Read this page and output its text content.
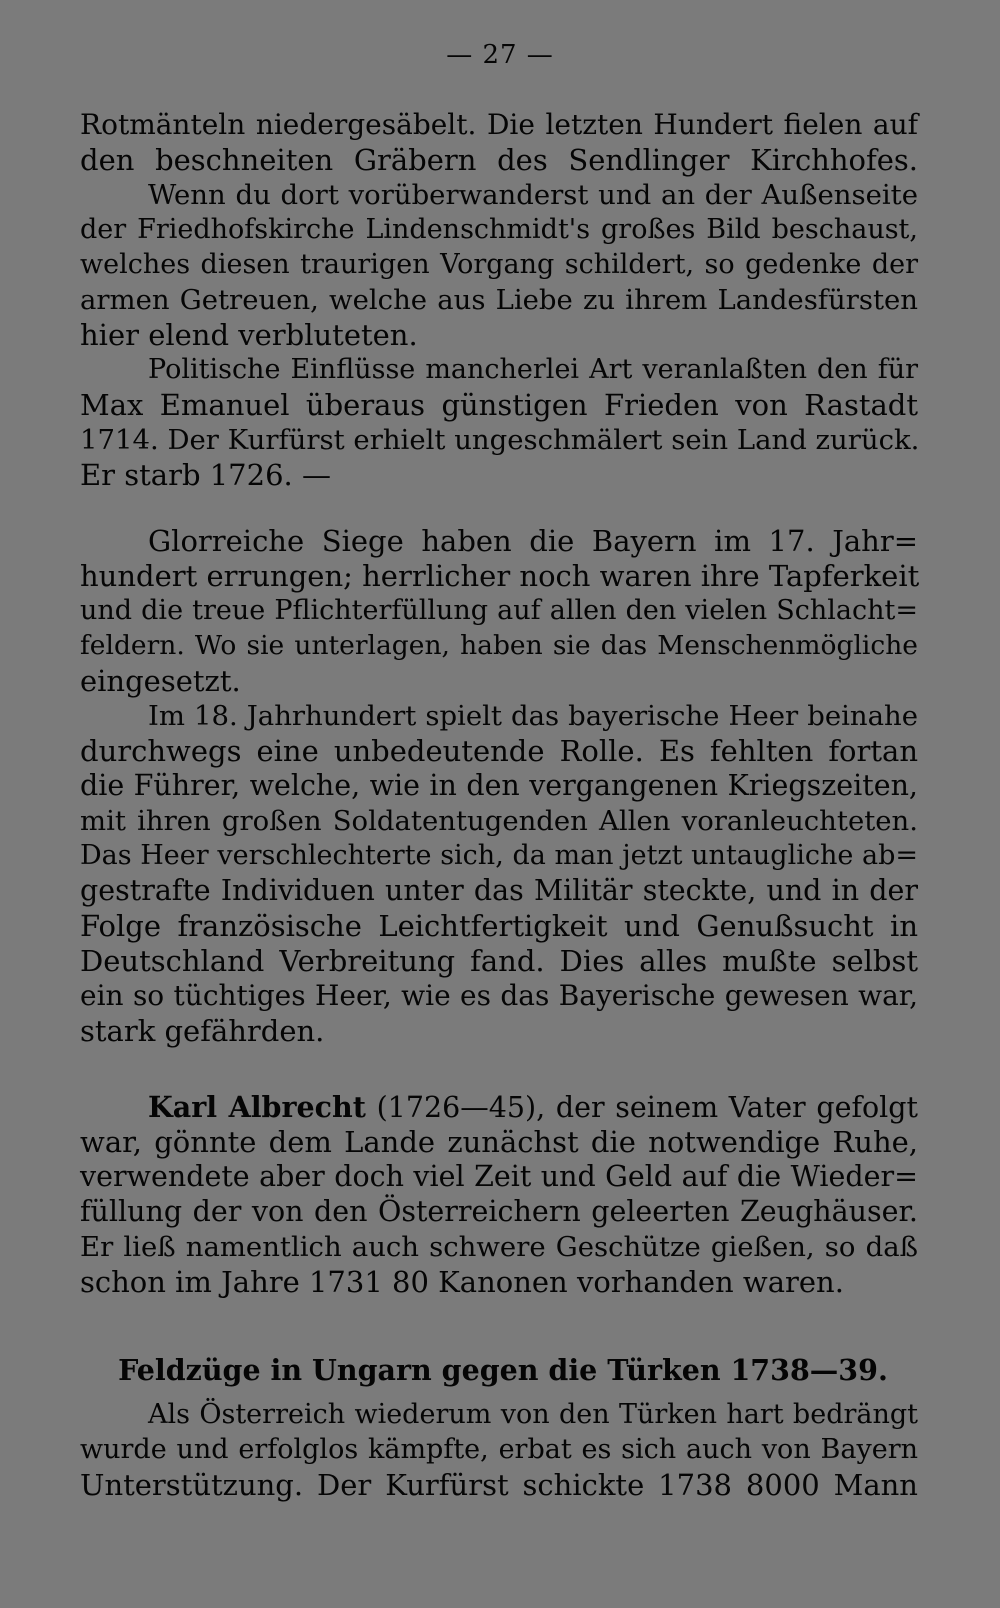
— 27 —
Rotmänteln niedergesäbelt. Die letzten Hundert fielen auf
den beschneiten Gräbern des Sendlinger Kirchhofes.
Wenn du dort vorüberwanderst und an der Außenseite
der Friedhofskirche Lindenschmidt's großes Bild beschaust,
welches diesen traurigen Vorgang schildert, so gedenke der
armen Getreuen, welche aus Liebe zu ihrem Landesfürsten
hier elend verbluteten.
Politische Einflüsse mancherlei Art veranlaßten den für
Max Emanuel überaus günstigen Frieden von Rastadt
1714. Der Kurfürst erhielt ungeschmälert sein Land zurück.
Er starb 1726. —
Glorreiche Siege haben die Bayern im 17. Jahr=
hundert errungen; herrlicher noch waren ihre Tapferkeit
und die treue Pflichterfüllung auf allen den vielen Schlacht=
feldern. Wo sie unterlagen, haben sie das Menschenmögliche
eingesetzt.
Im 18. Jahrhundert spielt das bayerische Heer beinahe
durchwegs eine unbedeutende Rolle. Es fehlten fortan
die Führer, welche, wie in den vergangenen Kriegszeiten,
mit ihren großen Soldatentugenden Allen voranleuchteten.
Das Heer verschlechterte sich, da man jetzt untaugliche ab=
gestrafte Individuen unter das Militär steckte, und in der
Folge französische Leichtfertigkeit und Genußsucht in
Deutschland Verbreitung fand. Dies alles mußte selbst
ein so tüchtiges Heer, wie es das Bayerische gewesen war,
stark gefährden.
Karl Albrecht (1726—45), der seinem Vater gefolgt
war, gönnte dem Lande zunächst die notwendige Ruhe,
verwendete aber doch viel Zeit und Geld auf die Wieder=
füllung der von den Österreichern geleerten Zeughäuser.
Er ließ namentlich auch schwere Geschütze gießen, so daß
schon im Jahre 1731 80 Kanonen vorhanden waren.
Feldzüge in Ungarn gegen die Türken 1738—39.
Als Österreich wiederum von den Türken hart bedrängt
wurde und erfolglos kämpfte, erbat es sich auch von Bayern
Unterstützung. Der Kurfürst schickte 1738 8000 Mann
